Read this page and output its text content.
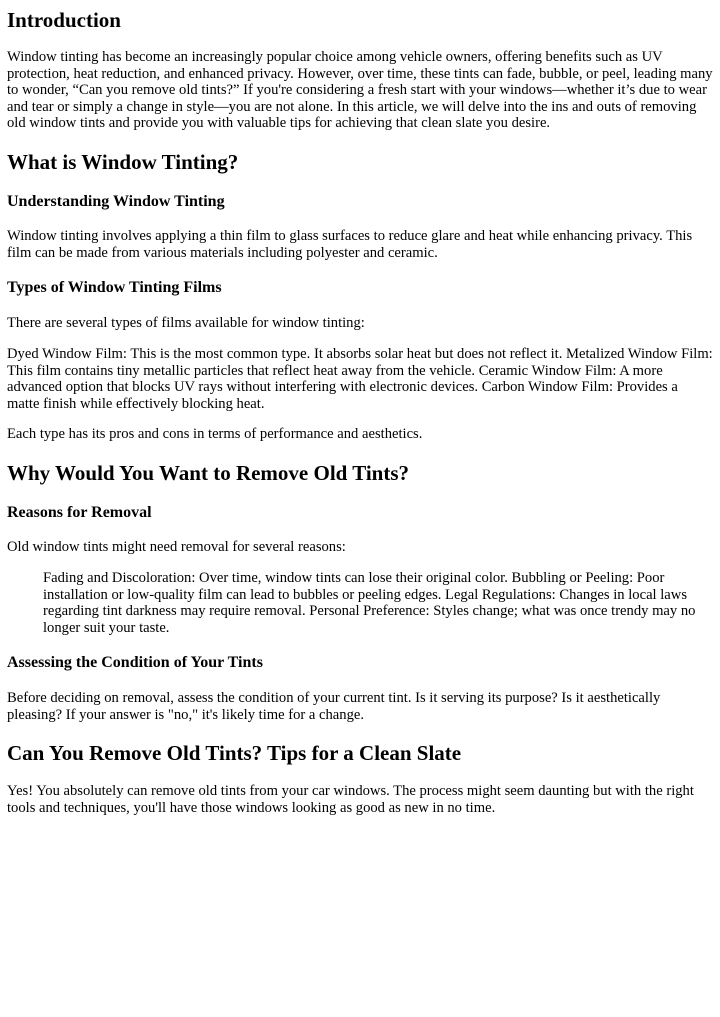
Introduction

Window tinting has become an increasingly popular choice among vehicle owners, offering benefits such as UV protection, heat reduction, and enhanced privacy. However, over time, these tints can fade, bubble, or peel, leading many to wonder, “Can you remove old tints?” If you're considering a fresh start with your windows—whether it’s due to wear and tear or simply a change in style—you are not alone. In this article, we will delve into the ins and outs of removing old window tints and provide you with valuable tips for achieving that clean slate you desire.

What is Window Tinting?
Understanding Window Tinting

Window tinting involves applying a thin film to glass surfaces to reduce glare and heat while enhancing privacy. This film can be made from various materials including polyester and ceramic.

Types of Window Tinting Films

There are several types of films available for window tinting:

Dyed Window Film: This is the most common type. It absorbs solar heat but does not reflect it. Metalized Window Film: This film contains tiny metallic particles that reflect heat away from the vehicle. Ceramic Window Film: A more advanced option that blocks UV rays without interfering with electronic devices. Carbon Window Film: Provides a matte finish while effectively blocking heat.

Each type has its pros and cons in terms of performance and aesthetics.

Why Would You Want to Remove Old Tints?
Reasons for Removal

Old window tints might need removal for several reasons:

Fading and Discoloration: Over time, window tints can lose their original color. Bubbling or Peeling: Poor installation or low-quality film can lead to bubbles or peeling edges. Legal Regulations: Changes in local laws regarding tint darkness may require removal. Personal Preference: Styles change; what was once trendy may no longer suit your taste.

Assessing the Condition of Your Tints

Before deciding on removal, assess the condition of your current tint. Is it serving its purpose? Is it aesthetically pleasing? If your answer is "no," it's likely time for a change.

Can You Remove Old Tints? Tips for a Clean Slate

Yes! You absolutely can remove old tints from your car windows. The process might seem daunting but with the right tools and techniques, you'll have those windows looking as good as new in no time.
